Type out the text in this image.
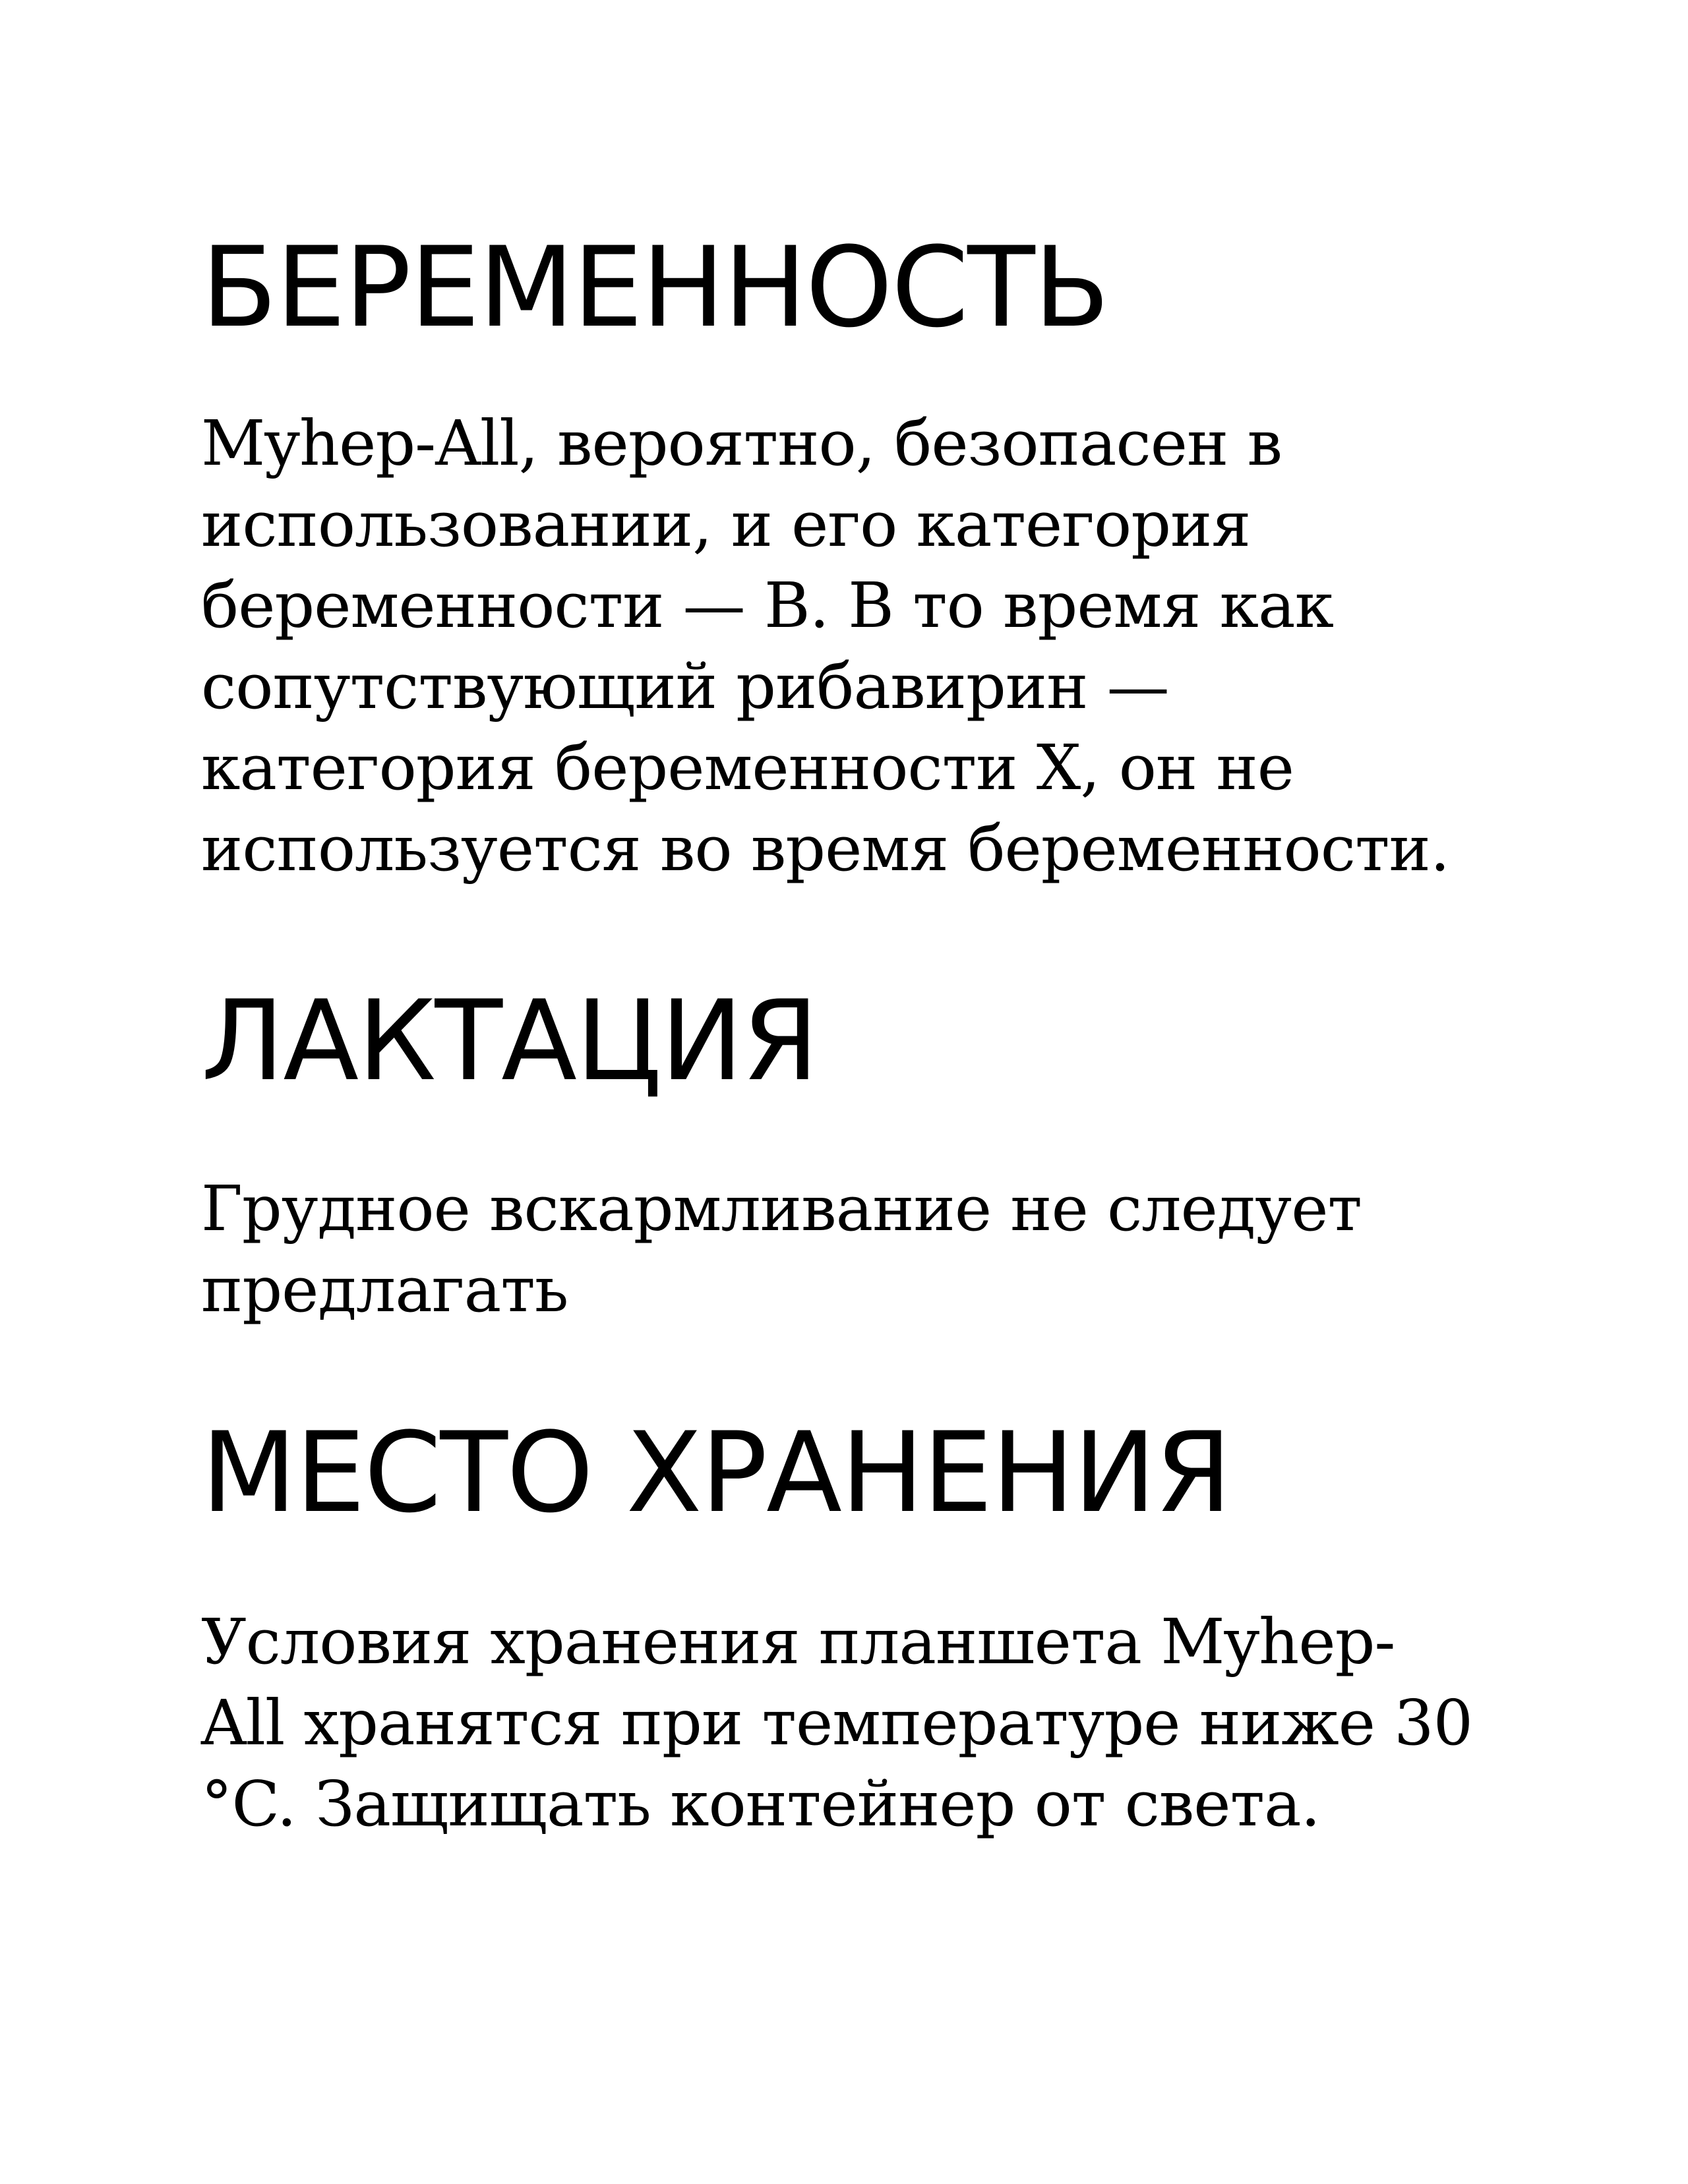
БЕРЕМЕННОСТЬ

Myhep-All, вероятно, безопасен в
использовании, и его категория
беременности — B. В то время как
сопутствующий рибавирин —
категория беременности X, он не
используется во время беременности.

ЛАКТАЦИЯ

Грудное вскармливание не следует
предлагать

МЕСТО ХРАНЕНИЯ

Условия хранения планшета Myhep-
All хранятся при температуре ниже 30
°C. Защищать контейнер от света.
